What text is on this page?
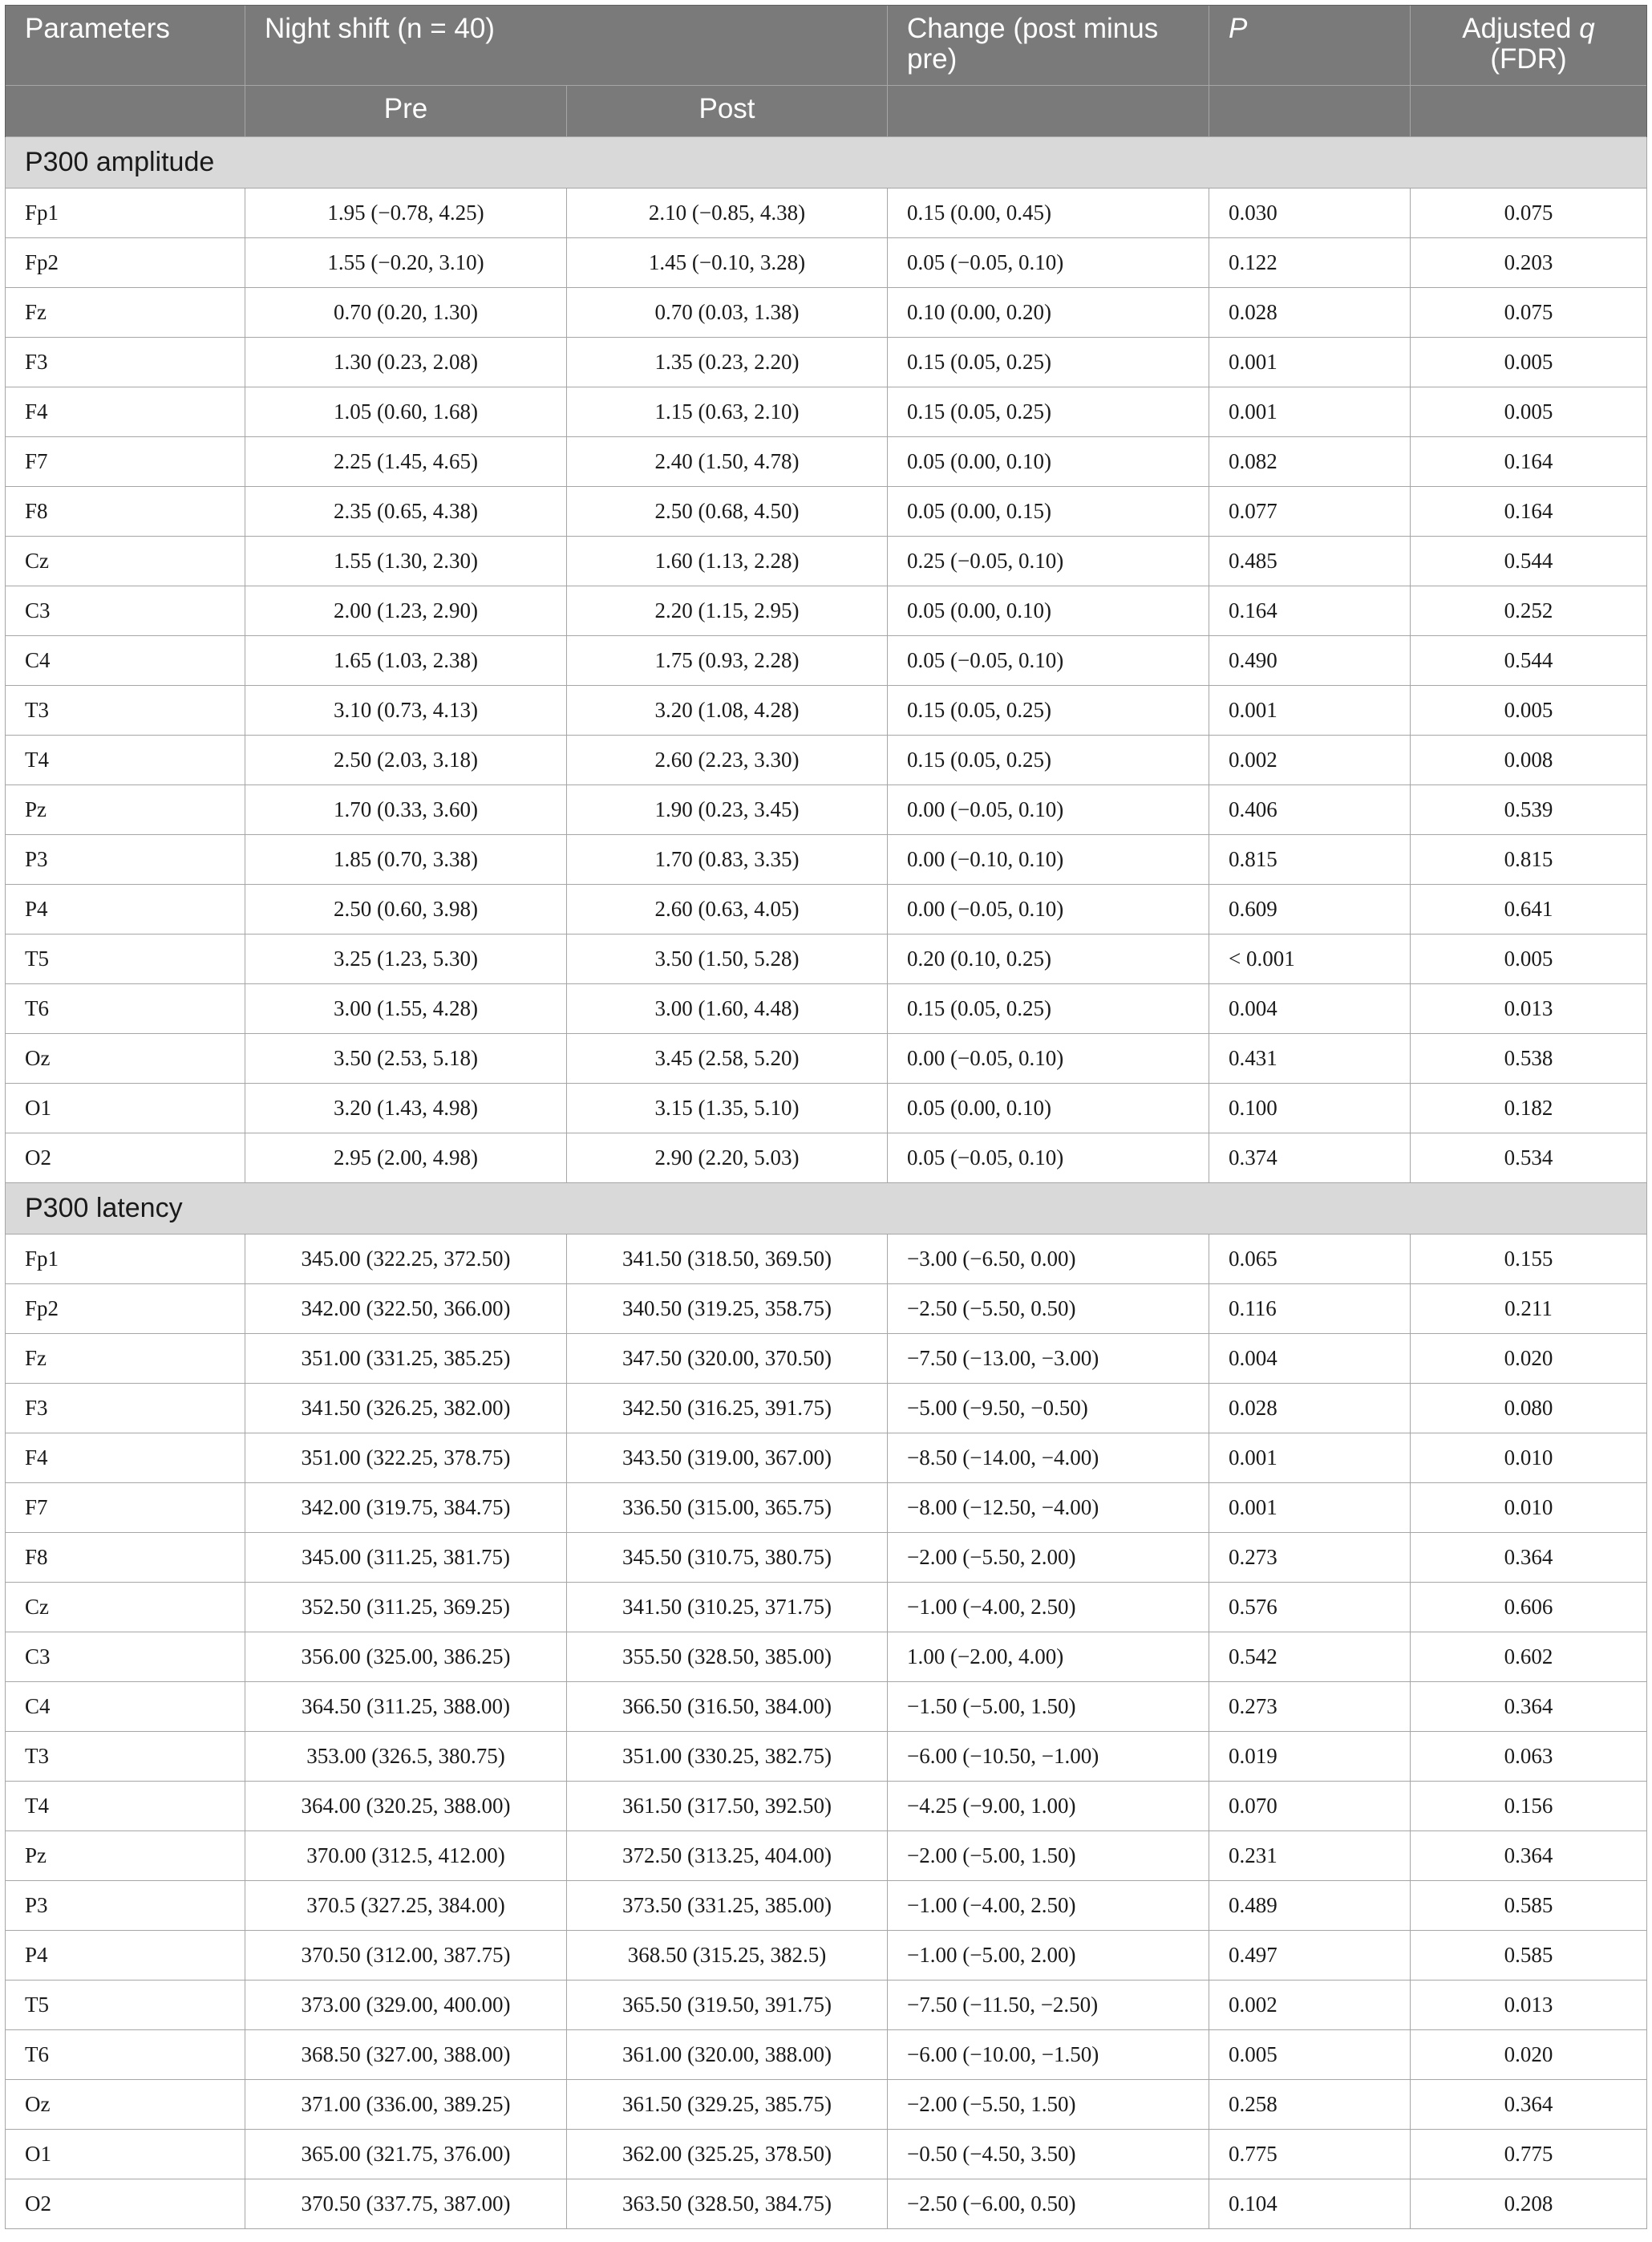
Parameters	Night shift (n = 40)		Change (post minus pre)	P	Adjusted q
(FDR)
	Pre	Post			
P300 amplitude					
Fp1	1.95 (−0.78, 4.25)	2.10 (−0.85, 4.38)	0.15 (0.00, 0.45)	0.030	0.075
Fp2	1.55 (−0.20, 3.10)	1.45 (−0.10, 3.28)	0.05 (−0.05, 0.10)	0.122	0.203
Fz	0.70 (0.20, 1.30)	0.70 (0.03, 1.38)	0.10 (0.00, 0.20)	0.028	0.075
F3	1.30 (0.23, 2.08)	1.35 (0.23, 2.20)	0.15 (0.05, 0.25)	0.001	0.005
F4	1.05 (0.60, 1.68)	1.15 (0.63, 2.10)	0.15 (0.05, 0.25)	0.001	0.005
F7	2.25 (1.45, 4.65)	2.40 (1.50, 4.78)	0.05 (0.00, 0.10)	0.082	0.164
F8	2.35 (0.65, 4.38)	2.50 (0.68, 4.50)	0.05 (0.00, 0.15)	0.077	0.164
Cz	1.55 (1.30, 2.30)	1.60 (1.13, 2.28)	0.25 (−0.05, 0.10)	0.485	0.544
C3	2.00 (1.23, 2.90)	2.20 (1.15, 2.95)	0.05 (0.00, 0.10)	0.164	0.252
C4	1.65 (1.03, 2.38)	1.75 (0.93, 2.28)	0.05 (−0.05, 0.10)	0.490	0.544
T3	3.10 (0.73, 4.13)	3.20 (1.08, 4.28)	0.15 (0.05, 0.25)	0.001	0.005
T4	2.50 (2.03, 3.18)	2.60 (2.23, 3.30)	0.15 (0.05, 0.25)	0.002	0.008
Pz	1.70 (0.33, 3.60)	1.90 (0.23, 3.45)	0.00 (−0.05, 0.10)	0.406	0.539
P3	1.85 (0.70, 3.38)	1.70 (0.83, 3.35)	0.00 (−0.10, 0.10)	0.815	0.815
P4	2.50 (0.60, 3.98)	2.60 (0.63, 4.05)	0.00 (−0.05, 0.10)	0.609	0.641
T5	3.25 (1.23, 5.30)	3.50 (1.50, 5.28)	0.20 (0.10, 0.25)	< 0.001	0.005
T6	3.00 (1.55, 4.28)	3.00 (1.60, 4.48)	0.15 (0.05, 0.25)	0.004	0.013
Oz	3.50 (2.53, 5.18)	3.45 (2.58, 5.20)	0.00 (−0.05, 0.10)	0.431	0.538
O1	3.20 (1.43, 4.98)	3.15 (1.35, 5.10)	0.05 (0.00, 0.10)	0.100	0.182
O2	2.95 (2.00, 4.98)	2.90 (2.20, 5.03)	0.05 (−0.05, 0.10)	0.374	0.534
P300 latency					
Fp1	345.00 (322.25, 372.50)	341.50 (318.50, 369.50)	−3.00 (−6.50, 0.00)	0.065	0.155
Fp2	342.00 (322.50, 366.00)	340.50 (319.25, 358.75)	−2.50 (−5.50, 0.50)	0.116	0.211
Fz	351.00 (331.25, 385.25)	347.50 (320.00, 370.50)	−7.50 (−13.00, −3.00)	0.004	0.020
F3	341.50 (326.25, 382.00)	342.50 (316.25, 391.75)	−5.00 (−9.50, −0.50)	0.028	0.080
F4	351.00 (322.25, 378.75)	343.50 (319.00, 367.00)	−8.50 (−14.00, −4.00)	0.001	0.010
F7	342.00 (319.75, 384.75)	336.50 (315.00, 365.75)	−8.00 (−12.50, −4.00)	0.001	0.010
F8	345.00 (311.25, 381.75)	345.50 (310.75, 380.75)	−2.00 (−5.50, 2.00)	0.273	0.364
Cz	352.50 (311.25, 369.25)	341.50 (310.25, 371.75)	−1.00 (−4.00, 2.50)	0.576	0.606
C3	356.00 (325.00, 386.25)	355.50 (328.50, 385.00)	1.00 (−2.00, 4.00)	0.542	0.602
C4	364.50 (311.25, 388.00)	366.50 (316.50, 384.00)	−1.50 (−5.00, 1.50)	0.273	0.364
T3	353.00 (326.5, 380.75)	351.00 (330.25, 382.75)	−6.00 (−10.50, −1.00)	0.019	0.063
T4	364.00 (320.25, 388.00)	361.50 (317.50, 392.50)	−4.25 (−9.00, 1.00)	0.070	0.156
Pz	370.00 (312.5, 412.00)	372.50 (313.25, 404.00)	−2.00 (−5.00, 1.50)	0.231	0.364
P3	370.5 (327.25, 384.00)	373.50 (331.25, 385.00)	−1.00 (−4.00, 2.50)	0.489	0.585
P4	370.50 (312.00, 387.75)	368.50 (315.25, 382.5)	−1.00 (−5.00, 2.00)	0.497	0.585
T5	373.00 (329.00, 400.00)	365.50 (319.50, 391.75)	−7.50 (−11.50, −2.50)	0.002	0.013
T6	368.50 (327.00, 388.00)	361.00 (320.00, 388.00)	−6.00 (−10.00, −1.50)	0.005	0.020
Oz	371.00 (336.00, 389.25)	361.50 (329.25, 385.75)	−2.00 (−5.50, 1.50)	0.258	0.364
O1	365.00 (321.75, 376.00)	362.00 (325.25, 378.50)	−0.50 (−4.50, 3.50)	0.775	0.775
O2	370.50 (337.75, 387.00)	363.50 (328.50, 384.75)	−2.50 (−6.00, 0.50)	0.104	0.208
